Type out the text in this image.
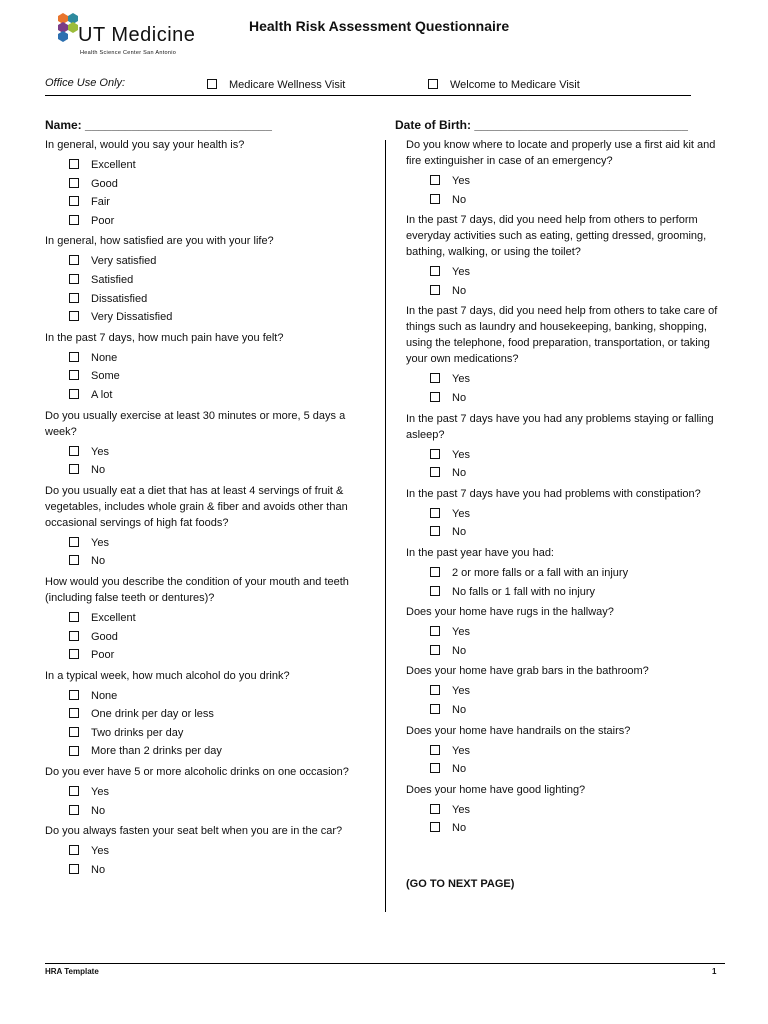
UT Medicine
Health Science Center San Antonio
Health Risk Assessment Questionnaire
Office Use Only:	Medicare Wellness Visit	Welcome to Medicare Visit
Name: ____________________________	Date of Birth: ________________________________

In general, would you say your health is?

Excellent
Good
Fair
Poor

In general, how satisfied are you with your life?

Very satisfied
Satisfied
Dissatisfied
Very Dissatisfied

In the past 7 days, how much pain have you felt?

None
Some
A lot

Do you usually exercise at least 30 minutes or more, 5 days a week?

Yes
No

Do you usually eat a diet that has at least 4 servings of fruit & vegetables, includes whole grain & fiber and avoids other than occasional servings of high fat foods?

Yes
No

How would you describe the condition of your mouth and teeth (including false teeth or dentures)?

Excellent
Good
Poor

In a typical week, how much alcohol do you drink?

None
One drink per day or less
Two drinks per day
More than 2 drinks per day

Do you ever have 5 or more alcoholic drinks on one occasion?

Yes
No

Do you always fasten your seat belt when you are in the car?

Yes
No

Do you know where to locate and properly use a first aid kit and fire extinguisher in case of an emergency?

Yes
No

In the past 7 days, did you need help from others to perform everyday activities such as eating, getting dressed, grooming, bathing, walking, or using the toilet?

Yes
No

In the past 7 days, did you need help from others to take care of things such as laundry and housekeeping, banking, shopping, using the telephone, food preparation, transportation, or taking your own medications?

Yes
No

In the past 7 days have you had any problems staying or falling asleep?

Yes
No

In the past 7 days have you had problems with constipation?

Yes
No

In the past year have you had:

2 or more falls or a fall with an injury
No falls or 1 fall with no injury

Does your home have rugs in the hallway?

Yes
No

Does your home have grab bars in the bathroom?

Yes
No

Does your home have handrails on the stairs?

Yes
No

Does your home have good lighting?

Yes
No
(GO TO NEXT PAGE)
HRA Template	1
